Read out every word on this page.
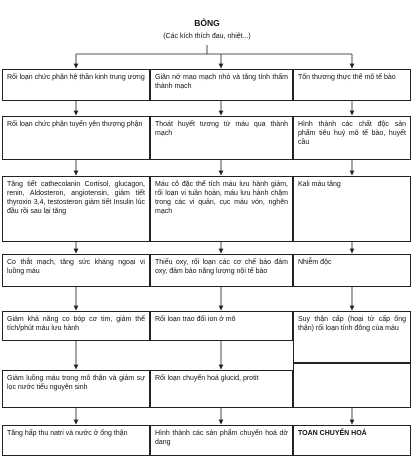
BỎNG
(Các kích thích đau, nhiệt...)
Rối loạn chức phận hệ thần kinh trung ương
Rối loạn chức phận tuyến yên thượng phận
Tăng tiết cathecolanin Cortisol, glucagon, renin, Aldosteron, angiotensin, giảm tiết thyroxin 3,4, testosteron giảm tiết Insulin lúc đầu rồi sau lại tăng
Co thắt mạch, tăng sức kháng ngoại vi luồng máu
Giảm khả năng co bóp cơ tim, giảm thể tích/phút máu lưu hành
Giảm luồng máu trong mô thận và giảm sự lọc nước tiểu nguyên sinh
Tăng hấp thu natri và nước ở ống thận
Giãn nở mao mạch nhỏ và tăng tính thấm thành mạch
Thoát huyết tương từ máu qua thành mạch
Máu cô đặc thể tích máu lưu hành giảm, rối loạn vi tuần hoàn, máu lưu hành chậm trong các vi quản, cục máu vón, nghẽn mạch
Thiếu oxy, rối loạn các cơ chế bảo đảm oxy, đảm bảo năng lượng nội tế bào
Rối loạn trao đổi ion ở mô
Rối loạn chuyển hoá glucid, protit
Hình thành các sản phẩm chuyển hoá dở dang
Tổn thương thực thể mô tế bào
Hình thành các chất độc sản phẩm tiêu huỷ mô tế bào, huyết cầu
Kali máu tăng
Nhiễm độc
Suy thận cấp (hoại tử cấp ống thận) rối loạn tính đông của máu
TOAN CHUYỂN HOÁ
